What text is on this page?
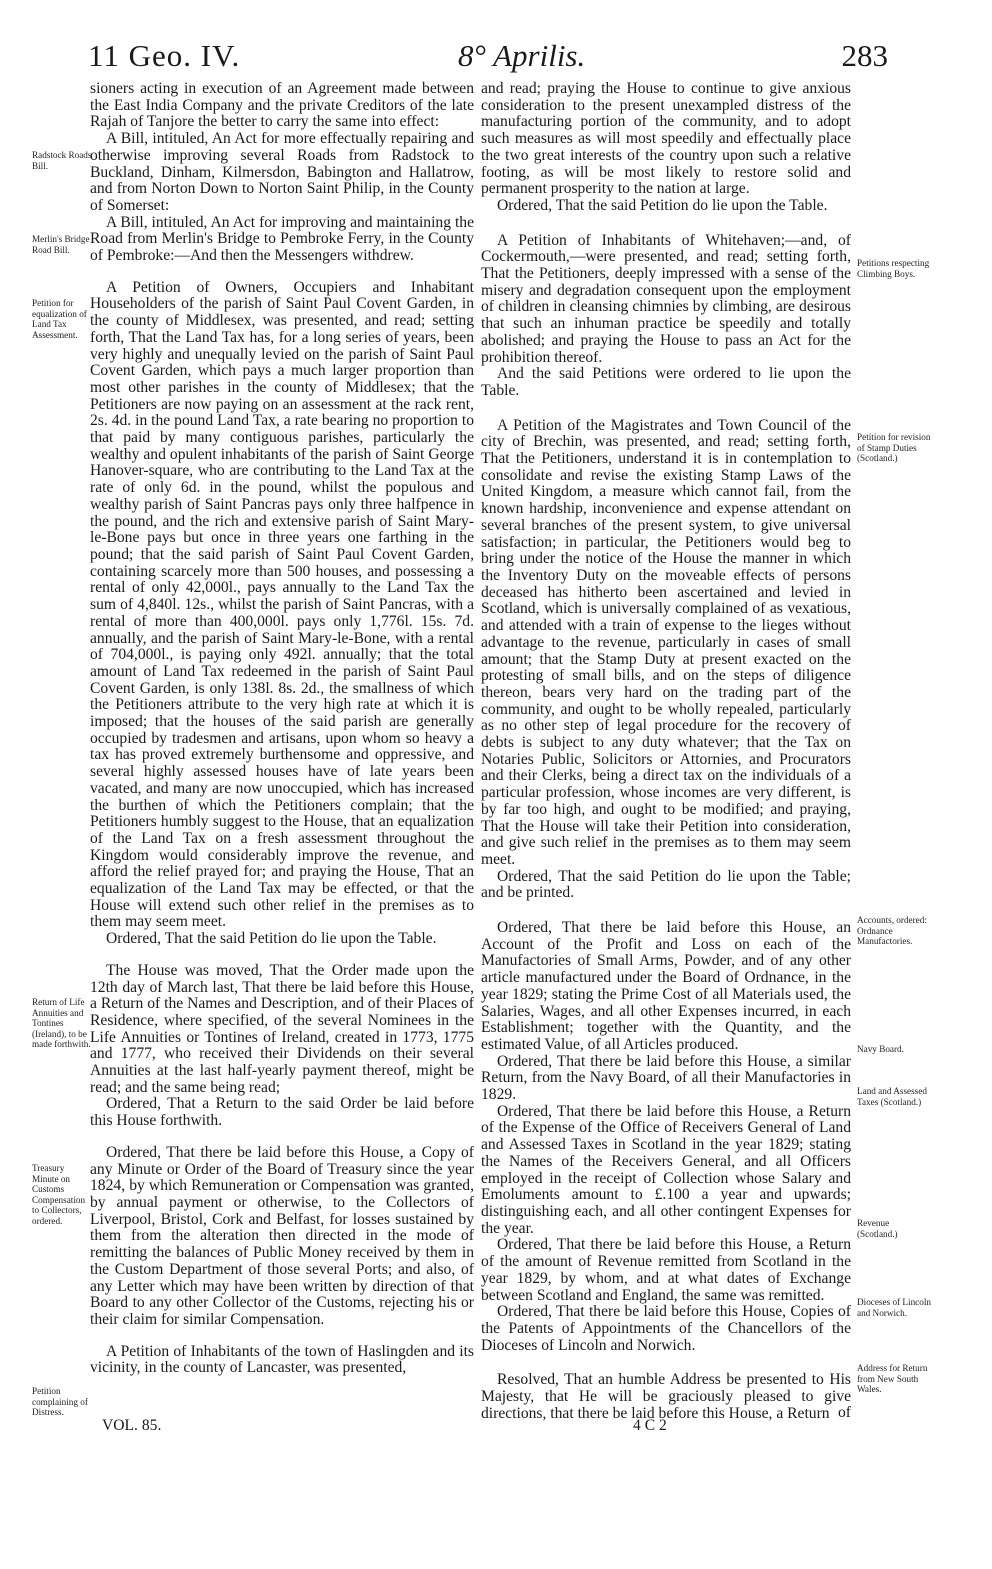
11 Geo. IV.	8° Aprilis.	283

sioners acting in execution of an Agreement made between the East India Company and the private Creditors of the late Rajah of Tanjore the better to carry the same into effect:

A Bill, intituled, An Act for more effectually repairing and otherwise improving several Roads from Radstock to Buckland, Dinham, Kilmersdon, Babington and Hallatrow, and from Norton Down to Norton Saint Philip, in the County of Somerset:

A Bill, intituled, An Act for improving and maintaining the Road from Merlin's Bridge to Pembroke Ferry, in the County of Pembroke:—And then the Messengers withdrew.

A Petition of Owners, Occupiers and Inhabitant Householders of the parish of Saint Paul Covent Garden, in the county of Middlesex, was presented, and read; setting forth, That the Land Tax has, for a long series of years, been very highly and unequally levied on the parish of Saint Paul Covent Garden, which pays a much larger proportion than most other parishes in the county of Middlesex; that the Petitioners are now paying on an assessment at the rack rent, 2s. 4d. in the pound Land Tax, a rate bearing no proportion to that paid by many contiguous parishes, particularly the wealthy and opulent inhabitants of the parish of Saint George Hanover-square, who are contributing to the Land Tax at the rate of only 6d. in the pound, whilst the populous and wealthy parish of Saint Pancras pays only three halfpence in the pound, and the rich and extensive parish of Saint Mary-le-Bone pays but once in three years one farthing in the pound; that the said parish of Saint Paul Covent Garden, containing scarcely more than 500 houses, and possessing a rental of only 42,000l., pays annually to the Land Tax the sum of 4,840l. 12s., whilst the parish of Saint Pancras, with a rental of more than 400,000l. pays only 1,776l. 15s. 7d. annually, and the parish of Saint Mary-le-Bone, with a rental of 704,000l., is paying only 492l. annually; that the total amount of Land Tax redeemed in the parish of Saint Paul Covent Garden, is only 138l. 8s. 2d., the smallness of which the Petitioners attribute to the very high rate at which it is imposed; that the houses of the said parish are generally occupied by tradesmen and artisans, upon whom so heavy a tax has proved extremely burthensome and oppressive, and several highly assessed houses have of late years been vacated, and many are now unoccupied, which has increased the burthen of which the Petitioners complain; that the Petitioners humbly suggest to the House, that an equalization of the Land Tax on a fresh assessment throughout the Kingdom would considerably improve the revenue, and afford the relief prayed for; and praying the House, That an equalization of the Land Tax may be effected, or that the House will extend such other relief in the premises as to them may seem meet.

Ordered, That the said Petition do lie upon the Table.

The House was moved, That the Order made upon the 12th day of March last, That there be laid before this House, a Return of the Names and Description, and of their Places of Residence, where specified, of the several Nominees in the Life Annuities or Tontines of Ireland, created in 1773, 1775 and 1777, who received their Dividends on their several Annuities at the last half-yearly payment thereof, might be read; and the same being read;

Ordered, That a Return to the said Order be laid before this House forthwith.

Ordered, That there be laid before this House, a Copy of any Minute or Order of the Board of Treasury since the year 1824, by which Remuneration or Compensation was granted, by annual payment or otherwise, to the Collectors of Liverpool, Bristol, Cork and Belfast, for losses sustained by them from the alteration then directed in the mode of remitting the balances of Public Money received by them in the Custom Department of those several Ports; and also, of any Letter which may have been written by direction of that Board to any other Collector of the Customs, rejecting his or their claim for similar Compensation.

A Petition of Inhabitants of the town of Haslingden and its vicinity, in the county of Lancaster, was presented,

and read; praying the House to continue to give anxious consideration to the present unexampled distress of the manufacturing portion of the community, and to adopt such measures as will most speedily and effectually place the two great interests of the country upon such a relative footing, as will be most likely to restore solid and permanent prosperity to the nation at large.

Ordered, That the said Petition do lie upon the Table.

A Petition of Inhabitants of Whitehaven;—and, of Cockermouth,—were presented, and read; setting forth, That the Petitioners, deeply impressed with a sense of the misery and degradation consequent upon the employment of children in cleansing chimnies by climbing, are desirous that such an inhuman practice be speedily and totally abolished; and praying the House to pass an Act for the prohibition thereof.

And the said Petitions were ordered to lie upon the Table.

A Petition of the Magistrates and Town Council of the city of Brechin, was presented, and read; setting forth, That the Petitioners, understand it is in contemplation to consolidate and revise the existing Stamp Laws of the United Kingdom, a measure which cannot fail, from the known hardship, inconvenience and expense attendant on several branches of the present system, to give universal satisfaction; in particular, the Petitioners would beg to bring under the notice of the House the manner in which the Inventory Duty on the moveable effects of persons deceased has hitherto been ascertained and levied in Scotland, which is universally complained of as vexatious, and attended with a train of expense to the lieges without advantage to the revenue, particularly in cases of small amount; that the Stamp Duty at present exacted on the protesting of small bills, and on the steps of diligence thereon, bears very hard on the trading part of the community, and ought to be wholly repealed, particularly as no other step of legal procedure for the recovery of debts is subject to any duty whatever; that the Tax on Notaries Public, Solicitors or Attornies, and Procurators and their Clerks, being a direct tax on the individuals of a particular profession, whose incomes are very different, is by far too high, and ought to be modified; and praying, That the House will take their Petition into consideration, and give such relief in the premises as to them may seem meet.

Ordered, That the said Petition do lie upon the Table; and be printed.

Ordered, That there be laid before this House, an Account of the Profit and Loss on each of the Manufactories of Small Arms, Powder, and of any other article manufactured under the Board of Ordnance, in the year 1829; stating the Prime Cost of all Materials used, the Salaries, Wages, and all other Expenses incurred, in each Establishment; together with the Quantity, and the estimated Value, of all Articles produced.

Ordered, That there be laid before this House, a similar Return, from the Navy Board, of all their Manufactories in 1829.

Ordered, That there be laid before this House, a Return of the Expense of the Office of Receivers General of Land and Assessed Taxes in Scotland in the year 1829; stating the Names of the Receivers General, and all Officers employed in the receipt of Collection whose Salary and Emoluments amount to £.100 a year and upwards; distinguishing each, and all other contingent Expenses for the year.

Ordered, That there be laid before this House, a Return of the amount of Revenue remitted from Scotland in the year 1829, by whom, and at what dates of Exchange between Scotland and England, the same was remitted.

Ordered, That there be laid before this House, Copies of the Patents of Appointments of the Chancellors of the Dioceses of Lincoln and Norwich.

Resolved, That an humble Address be presented to His Majesty, that He will be graciously pleased to give directions, that there be laid before this House, a Return

Radstock Roads Bill.
Merlin's Bridge Road Bill.
Petition for equalization of Land Tax Assessment.
Return of Life Annuities and Tontines (Ireland), to be made forthwith.
Treasury Minute on Customs Compensation to Collectors, ordered.
Petition complaining of Distress.
Petitions respecting Climbing Boys.
Petition for revision of Stamp Duties (Scotland.)
Accounts, ordered: Ordnance Manufactories.
Navy Board.
Land and Assessed Taxes (Scotland.)
Revenue (Scotland.)
Dioceses of Lincoln and Norwich.
Address for Return from New South Wales.
VOL. 85.	4 C 2
of
